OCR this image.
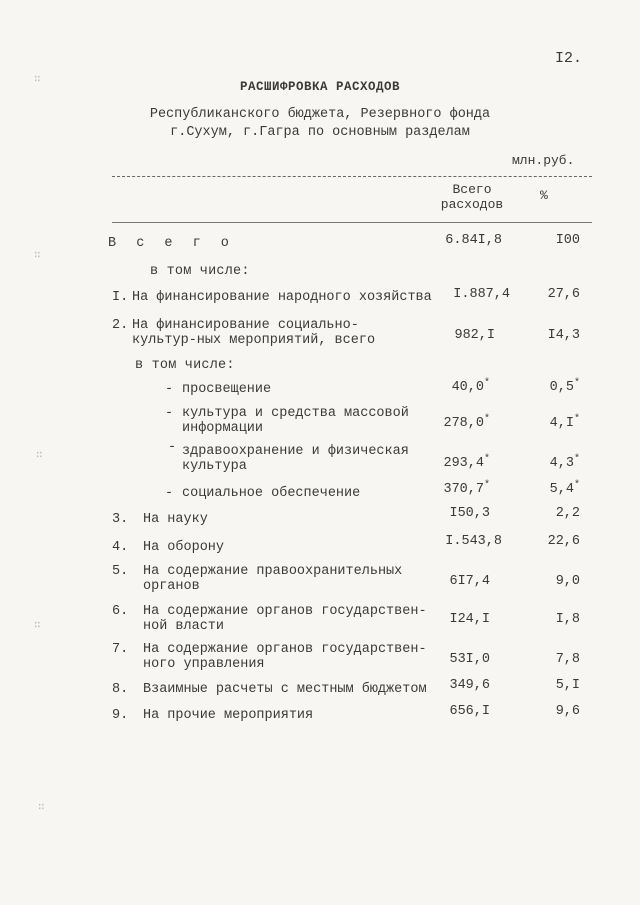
I2.
РАСШИФРОВКА РАСХОДОВ
Республиканского бюджета, Резервного фонда
г.Сухум, г.Гагра по основным разделам
млн.руб.
Всего расходов
%
В с е г о	6.84I,8	I00
в том числе:
I. На финансирование народного хозяйства	I.887,4	27,6
2. На финансирование социально-культур-ных мероприятий, всего	982,I	I4,3
в том числе:
- просвещение	40,0*	0,5*
- культура и средства массовой информации	278,0*	4,I*
- здравоохранение и физическая культура	293,4*	4,3*
- социальное обеспечение	370,7*	5,4*
3. На науку	I50,3	2,2
4. На оборону	I.543,8	22,6
5. На содержание правоохранительных органов	6I7,4	9,0
6. На содержание органов государствен-ной власти	I24,I	I,8
7. На содержание органов государствен-ного управления	53I,0	7,8
8. Взаимные расчеты с местным бюджетом	349,6	5,I
9. На прочие мероприятия	656,I	9,6
∷
∷
∷
∷
∷
